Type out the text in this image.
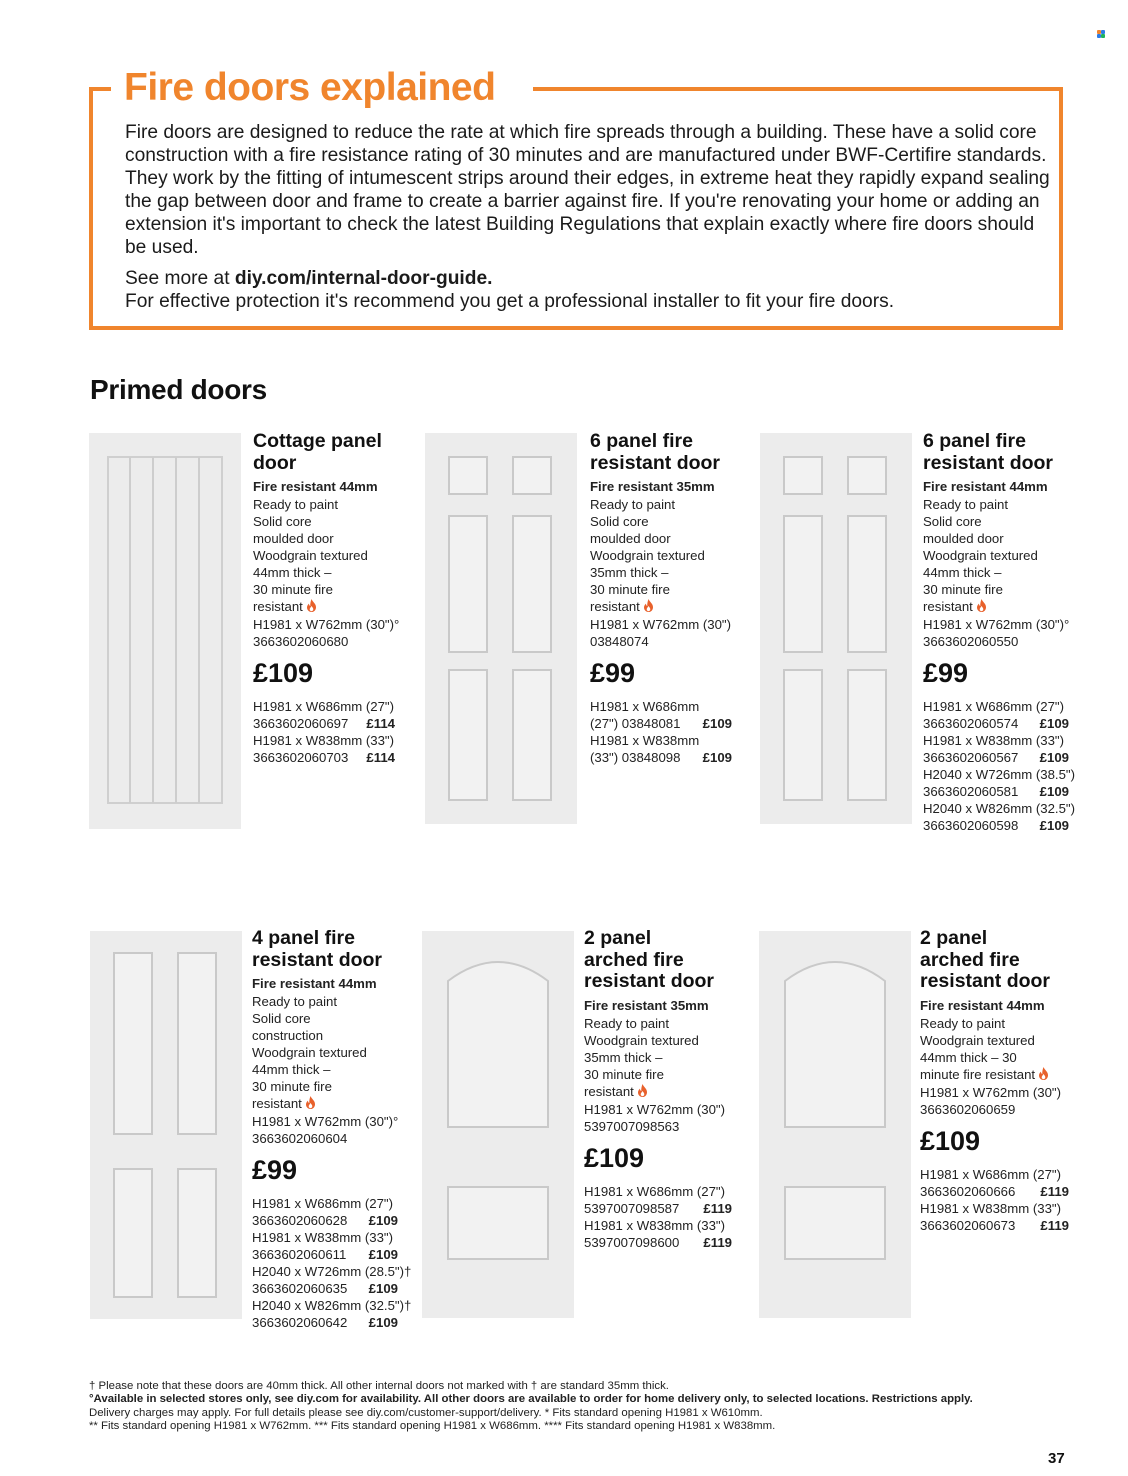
Fire doors explained

Fire doors are designed to reduce the rate at which fire spreads through a building. These have a solid core construction with a fire resistance rating of 30 minutes and are manufactured under BWF-Certifire standards. They work by the fitting of intumescent strips around their edges, in extreme heat they rapidly expand sealing the gap between door and frame to create a barrier against fire. If you're renovating your home or adding an extension it's important to check the latest Building Regulations that explain exactly where fire doors should be used.

See more at diy.com/internal-door-guide.

For effective protection it's recommend you get a professional installer to fit your fire doors.

Primed doors
Cottage panel
door
Fire resistant 44mm
Ready to paint
Solid core
moulded door
Woodgrain textured
44mm thick –
30 minute fire
resistant
H1981 x W762mm (30")°
3663602060680
£109
H1981 x W686mm (27")
3663602060697	£114
H1981 x W838mm (33")
3663602060703	£114
6 panel fire
resistant door
Fire resistant 35mm
Ready to paint
Solid core
moulded door
Woodgrain textured
35mm thick –
30 minute fire
resistant
H1981 x W762mm (30")
03848074
£99
H1981 x W686mm
(27") 03848081	£109
H1981 x W838mm
(33") 03848098	£109
6 panel fire
resistant door
Fire resistant 44mm
Ready to paint
Solid core
moulded door
Woodgrain textured
44mm thick –
30 minute fire
resistant
H1981 x W762mm (30")°
3663602060550
£99
H1981 x W686mm (27")
3663602060574	£109
H1981 x W838mm (33")
3663602060567	£109
H2040 x W726mm (38.5")
3663602060581	£109
H2040 x W826mm (32.5")
3663602060598	£109
4 panel fire
resistant door
Fire resistant 44mm
Ready to paint
Solid core
construction
Woodgrain textured
44mm thick –
30 minute fire
resistant
H1981 x W762mm (30")°
3663602060604
£99
H1981 x W686mm (27")
3663602060628	£109
H1981 x W838mm (33")
3663602060611	£109
H2040 x W726mm (28.5")†
3663602060635	£109
H2040 x W826mm (32.5")†
3663602060642	£109
2 panel
arched fire
resistant door
Fire resistant 35mm
Ready to paint
Woodgrain textured
35mm thick –
30 minute fire
resistant
H1981 x W762mm (30")
5397007098563
£109
H1981 x W686mm (27")
5397007098587	£119
H1981 x W838mm (33")
5397007098600	£119
2 panel
arched fire
resistant door
Fire resistant 44mm
Ready to paint
Woodgrain textured
44mm thick – 30
minute fire resistant
H1981 x W762mm (30")
3663602060659
£109
H1981 x W686mm (27")
3663602060666	£119
H1981 x W838mm (33")
3663602060673	£119
† Please note that these doors are 40mm thick. All other internal doors not marked with † are standard 35mm thick.
°Available in selected stores only, see diy.com for availability. All other doors are available to order for home delivery only, to selected locations. Restrictions apply.
Delivery charges may apply. For full details please see diy.com/customer-support/delivery. * Fits standard opening H1981 x W610mm.
** Fits standard opening H1981 x W762mm. *** Fits standard opening H1981 x W686mm. **** Fits standard opening H1981 x W838mm.
37
